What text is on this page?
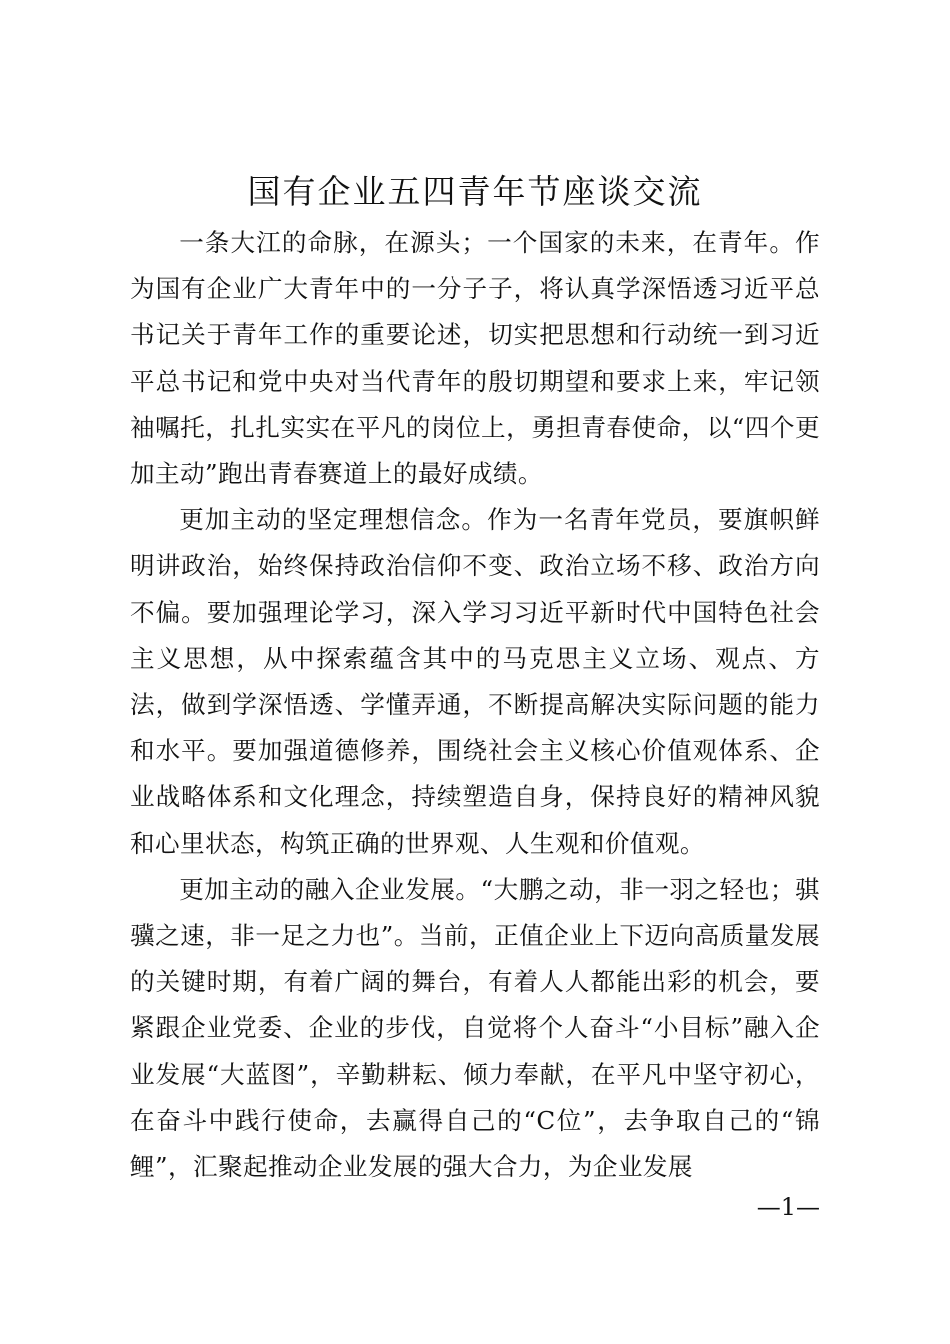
国有企业五四青年节座谈交流

一条大江的命脉，在源头；一个国家的未来，在青年。作为国有企业广大青年中的一分子子，将认真学深悟透习近平总书记关于青年工作的重要论述，切实把思想和行动统一到习近平总书记和党中央对当代青年的殷切期望和要求上来，牢记领袖嘱托，扎扎实实在平凡的岗位上，勇担青春使命，以“四个更加主动”跑出青春赛道上的最好成绩。

更加主动的坚定理想信念。作为一名青年党员，要旗帜鲜明讲政治，始终保持政治信仰不变、政治立场不移、政治方向不偏。要加强理论学习，深入学习习近平新时代中国特色社会主义思想，从中探索蕴含其中的马克思主义立场、观点、方法，做到学深悟透、学懂弄通，不断提高解决实际问题的能力和水平。要加强道德修养，围绕社会主义核心价值观体系、企业战略体系和文化理念，持续塑造自身，保持良好的精神风貌和心里状态，构筑正确的世界观、人生观和价值观。

更加主动的融入企业发展。“大鹏之动，非一羽之轻也；骐骥之速，非一足之力也”。当前，正值企业上下迈向高质量发展的关键时期，有着广阔的舞台，有着人人都能出彩的机会，要紧跟企业党委、企业的步伐，自觉将个人奋斗“小目标”融入企业发展“大蓝图”，辛勤耕耘、倾力奉献，在平凡中坚守初心，在奋斗中践行使命，去赢得自己的“C位”，去争取自己的“锦鲤”，汇聚起推动企业发展的强大合力，为企业发展

—1—
